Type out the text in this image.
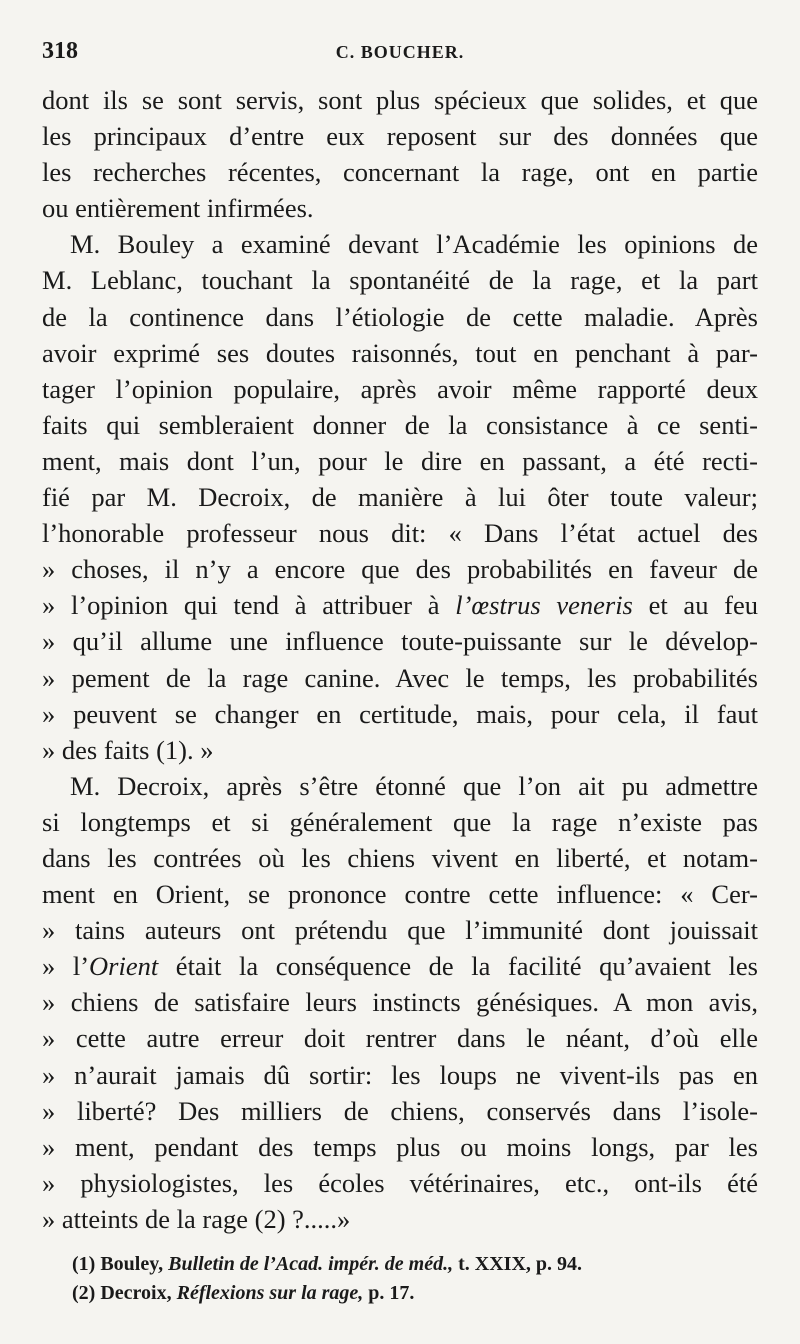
318	C. BOUCHER.
dont ils se sont servis, sont plus spécieux que solides, et que
les principaux d’entre eux reposent sur des données que
les recherches récentes, concernant la rage, ont en partie
ou entièrement infirmées.
M. Bouley a examiné devant l’Académie les opinions de
M. Leblanc, touchant la spontanéité de la rage, et la part
de la continence dans l’étiologie de cette maladie. Après
avoir exprimé ses doutes raisonnés, tout en penchant à par-
tager l’opinion populaire, après avoir même rapporté deux
faits qui sembleraient donner de la consistance à ce senti-
ment, mais dont l’un, pour le dire en passant, a été recti-
fié par M. Decroix, de manière à lui ôter toute valeur;
l’honorable professeur nous dit: « Dans l’état actuel des
» choses, il n’y a encore que des probabilités en faveur de
» l’opinion qui tend à attribuer à l’œstrus veneris et au feu
» qu’il allume une influence toute-puissante sur le dévelop-
» pement de la rage canine. Avec le temps, les probabilités
» peuvent se changer en certitude, mais, pour cela, il faut
» des faits (1). »
M. Decroix, après s’être étonné que l’on ait pu admettre
si longtemps et si généralement que la rage n’existe pas
dans les contrées où les chiens vivent en liberté, et notam-
ment en Orient, se prononce contre cette influence: « Cer-
» tains auteurs ont prétendu que l’immunité dont jouissait
» l’Orient était la conséquence de la facilité qu’avaient les
» chiens de satisfaire leurs instincts génésiques. A mon avis,
» cette autre erreur doit rentrer dans le néant, d’où elle
» n’aurait jamais dû sortir: les loups ne vivent-ils pas en
» liberté? Des milliers de chiens, conservés dans l’isole-
» ment, pendant des temps plus ou moins longs, par les
» physiologistes, les écoles vétérinaires, etc., ont-ils été
» atteints de la rage (2) ?.....»
(1) Bouley, Bulletin de l’Acad. impér. de méd., t. XXIX, p. 94.
(2) Decroix, Réflexions sur la rage, p. 17.
